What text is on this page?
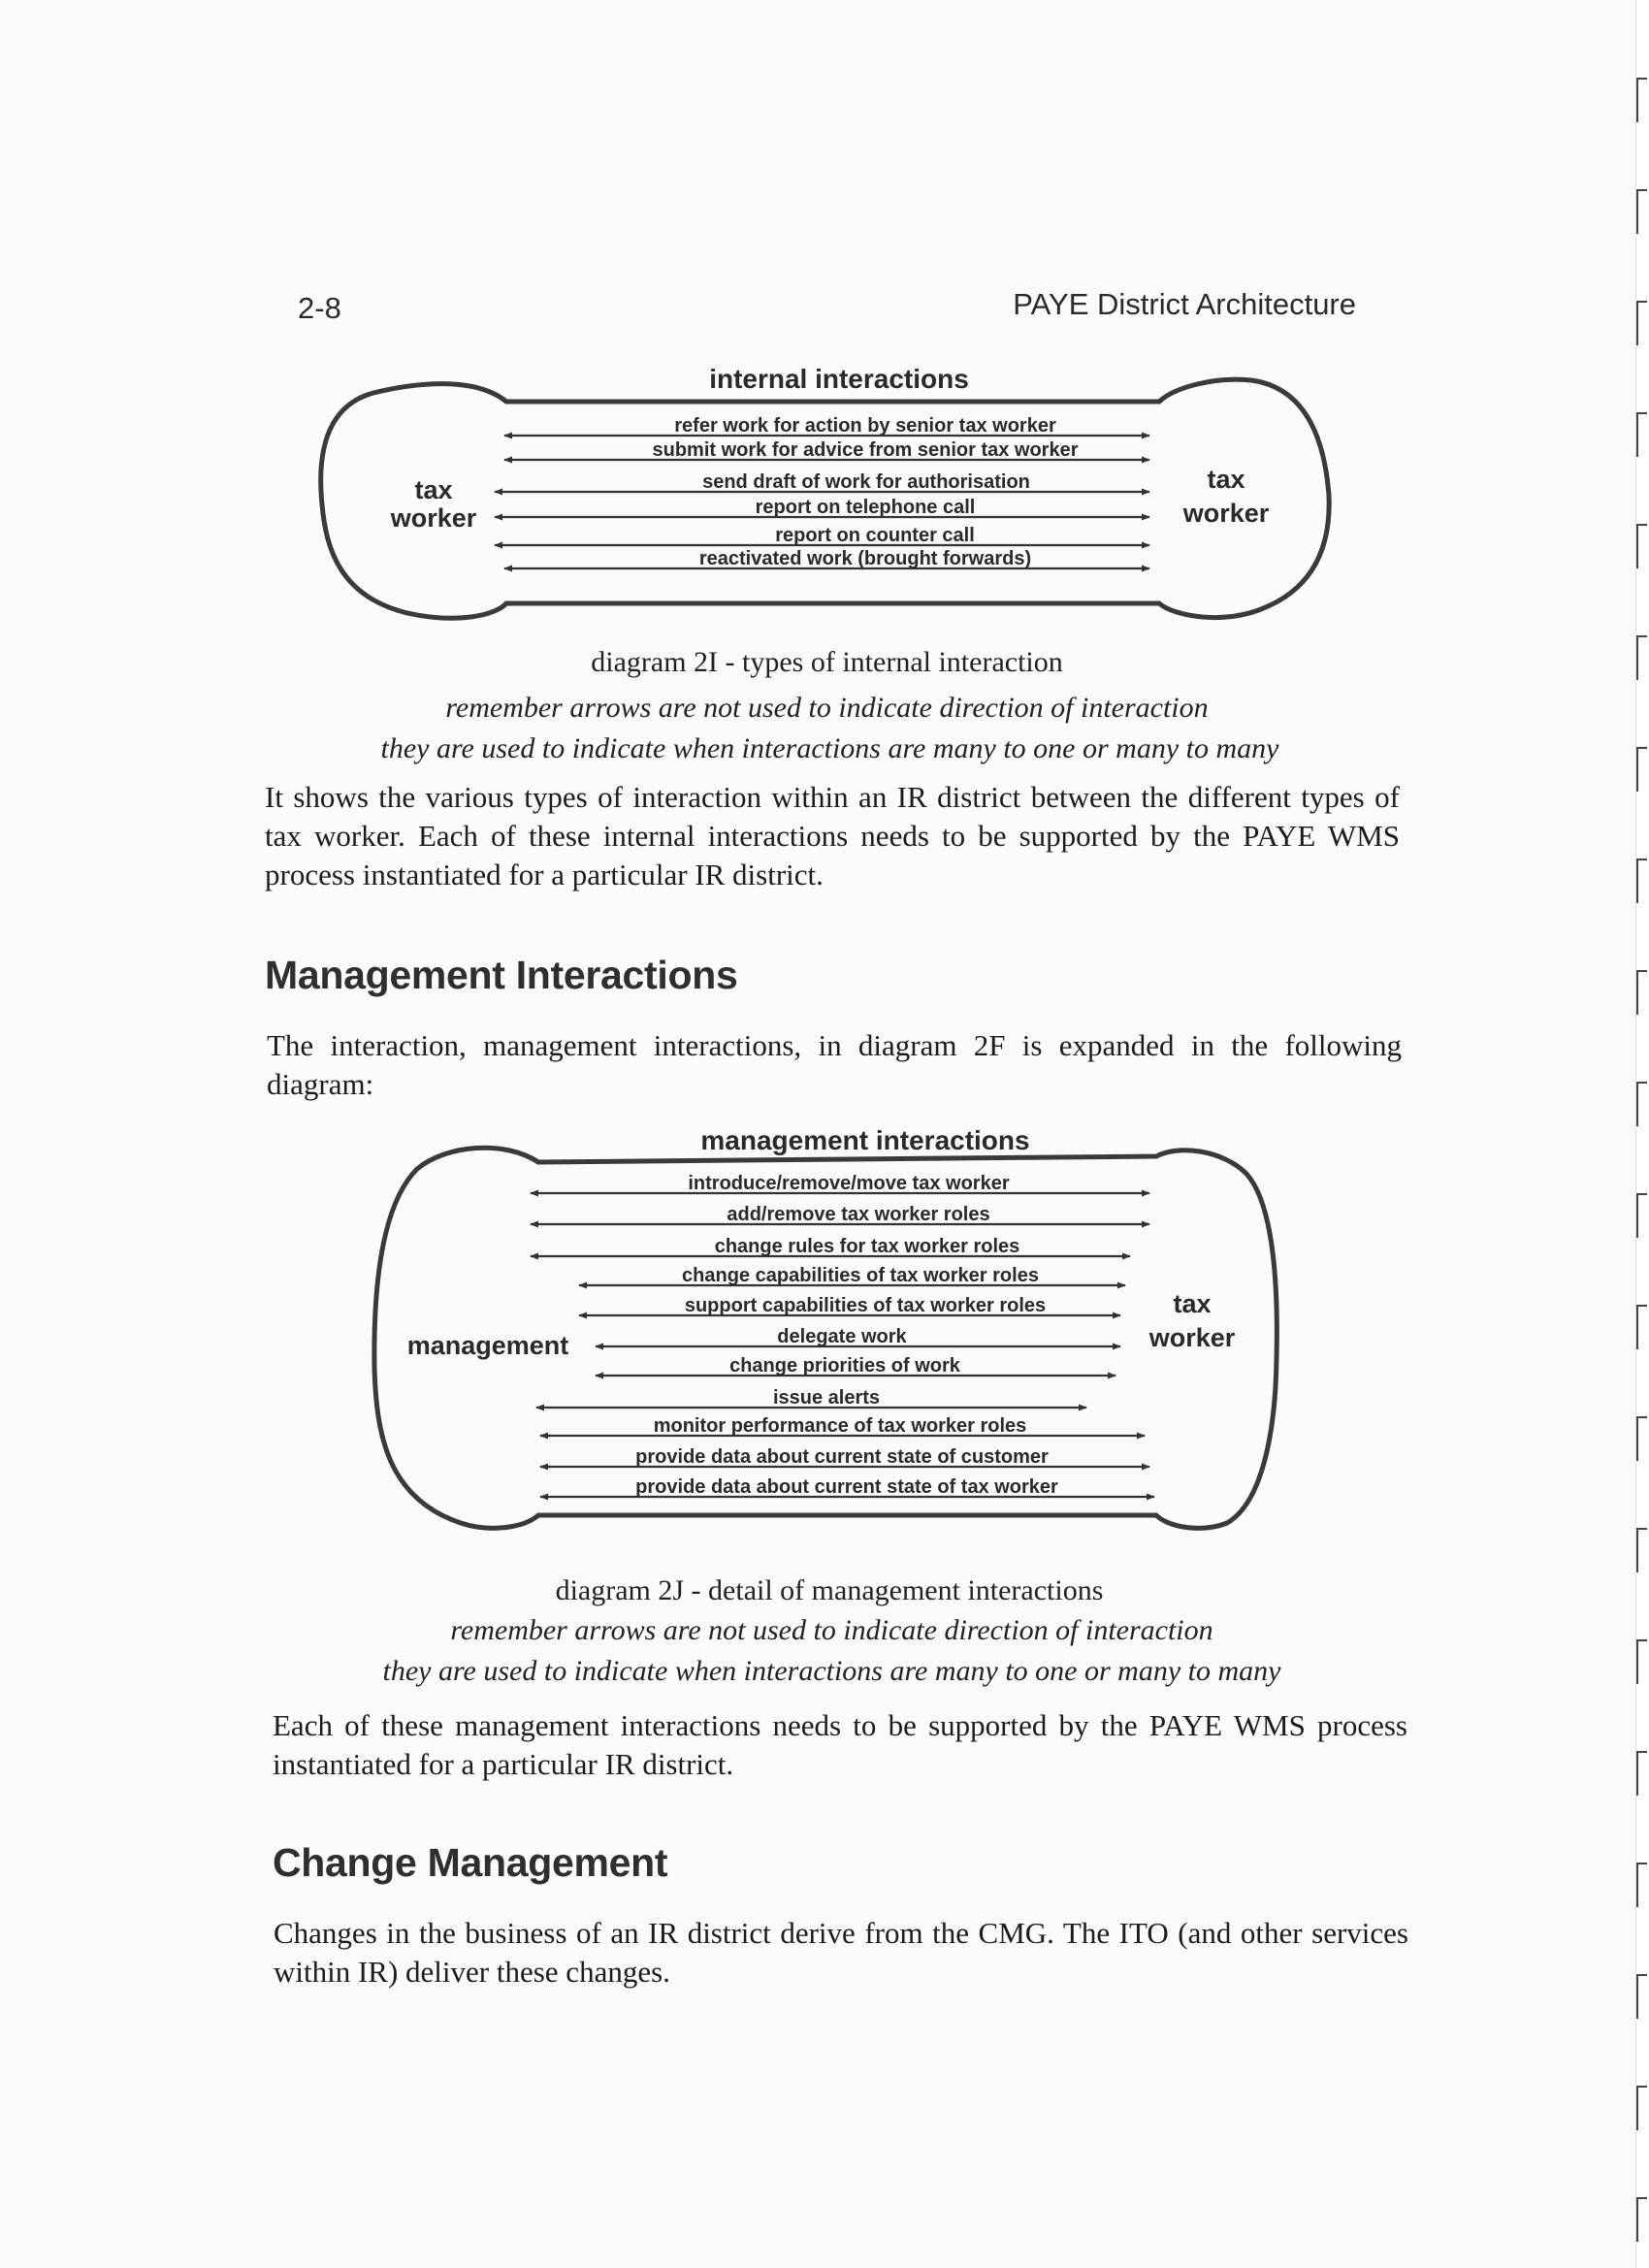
2-8	PAYE District Architecture
internal interactions
tax worker
tax worker
refer work for action by senior tax worker
submit work for advice from senior tax worker
send draft of work for authorisation
report on telephone call
report on counter call
reactivated work (brought forwards)
diagram 2I - types of internal interaction
remember arrows are not used to indicate direction of interaction
they are used to indicate when interactions are many to one or many to many
It shows the various types of interaction within an IR district between the different types of tax worker. Each of these internal interactions needs to be supported by the PAYE WMS process instantiated for a particular IR district.
Management Interactions
The interaction, management interactions, in diagram 2F is expanded in the following diagram:
management interactions
management
tax worker
introduce/remove/move tax worker
add/remove tax worker roles
change rules for tax worker roles
change capabilities of tax worker roles
support capabilities of tax worker roles
delegate work
change priorities of work
issue alerts
monitor performance of tax worker roles
provide data about current state of customer
provide data about current state of tax worker
diagram 2J - detail of management interactions
remember arrows are not used to indicate direction of interaction
they are used to indicate when interactions are many to one or many to many
Each of these management interactions needs to be supported by the PAYE WMS process instantiated for a particular IR district.
Change Management
Changes in the business of an IR district derive from the CMG. The ITO (and other services within IR) deliver these changes.
